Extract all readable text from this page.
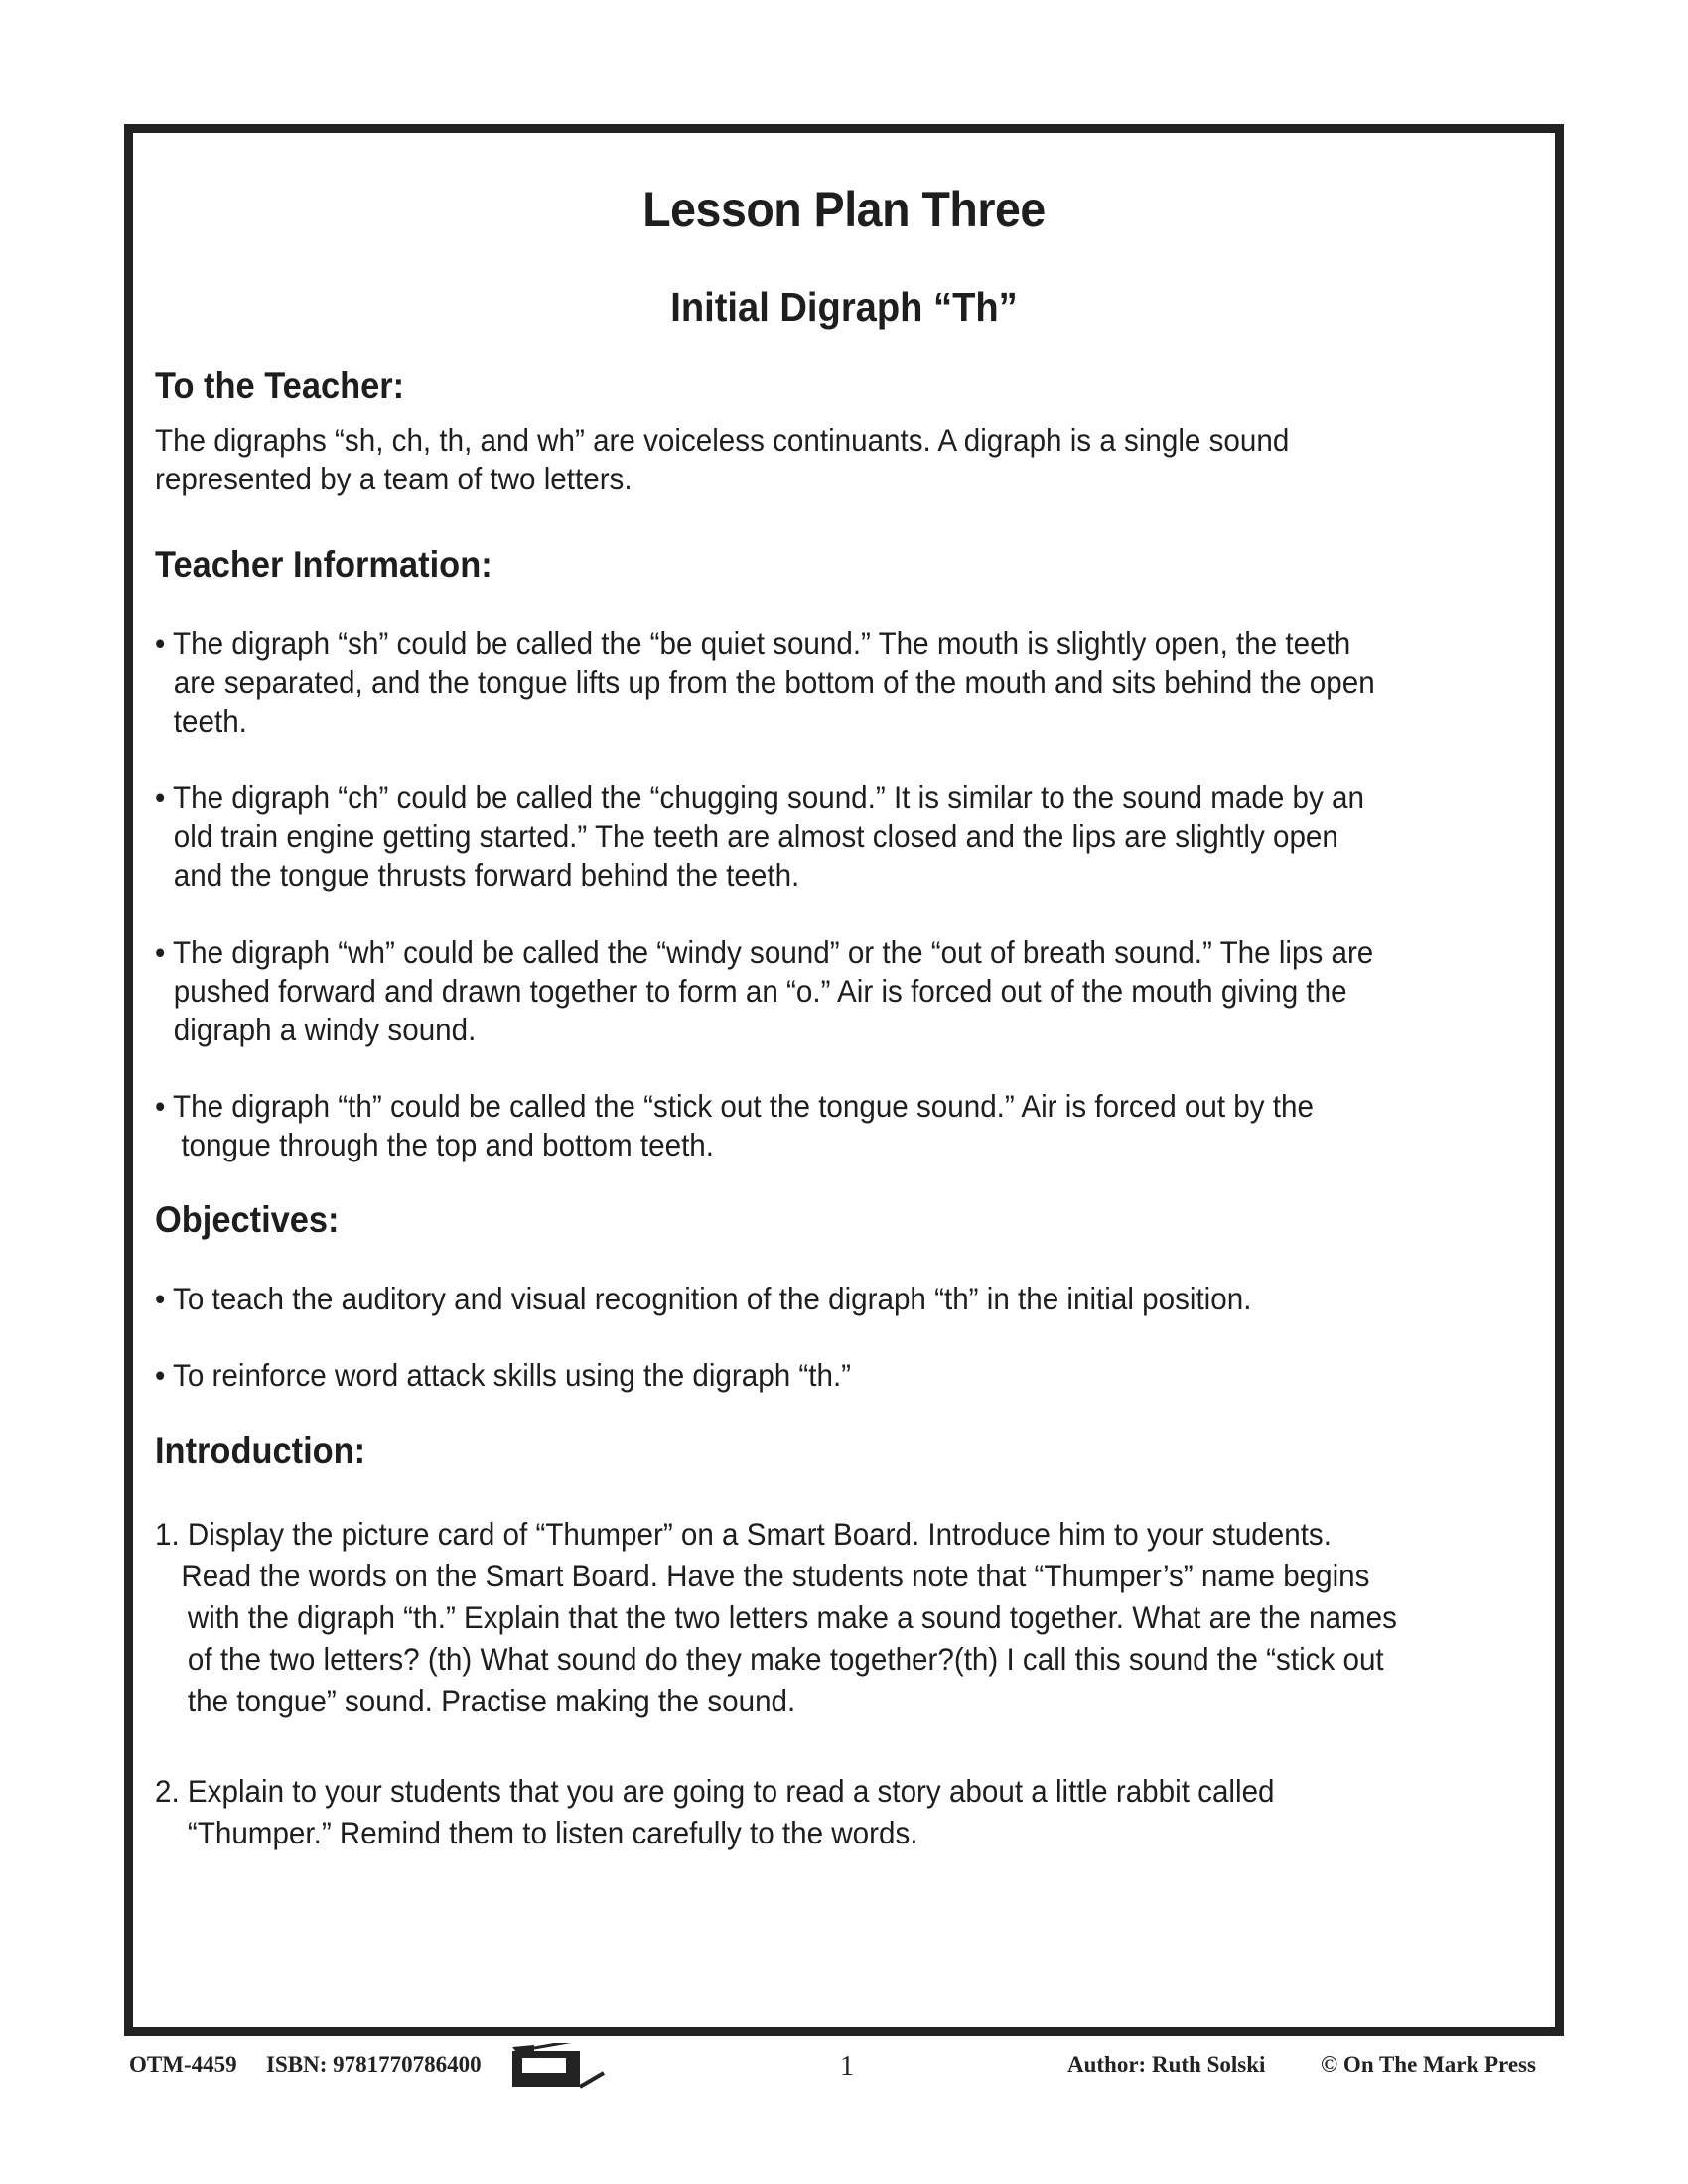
Lesson Plan Three
Initial Digraph “Th”
To the Teacher:
The digraphs “sh, ch, th, and wh” are voiceless continuants. A digraph is a single sound
represented by a team of two letters.
Teacher Information:
• The digraph “sh” could be called the “be quiet sound.” The mouth is slightly open, the teeth
are separated, and the tongue lifts up from the bottom of the mouth and sits behind the open
teeth.
• The digraph “ch” could be called the “chugging sound.” It is similar to the sound made by an
old train engine getting started.” The teeth are almost closed and the lips are slightly open
and the tongue thrusts forward behind the teeth.
• The digraph “wh” could be called the “windy sound” or the “out of breath sound.” The lips are
pushed forward and drawn together to form an “o.” Air is forced out of the mouth giving the
digraph a windy sound.
• The digraph “th” could be called the “stick out the tongue sound.” Air is forced out by the
tongue through the top and bottom teeth.
Objectives:
• To teach the auditory and visual recognition of the digraph “th” in the initial position.
• To reinforce word attack skills using the digraph “th.”
Introduction:
1. Display the picture card of “Thumper” on a Smart Board. Introduce him to your students.
Read the words on the Smart Board. Have the students note that “Thumper’s” name begins
with the digraph “th.” Explain that the two letters make a sound together. What are the names
of the two letters? (th) What sound do they make together?(th) I call this sound the “stick out
the tongue” sound. Practise making the sound.
2. Explain to your students that you are going to read a story about a little rabbit called
“Thumper.” Remind them to listen carefully to the words.
OTM-4459 ISBN: 9781770786400	1	Author: Ruth Solski © On The Mark Press
